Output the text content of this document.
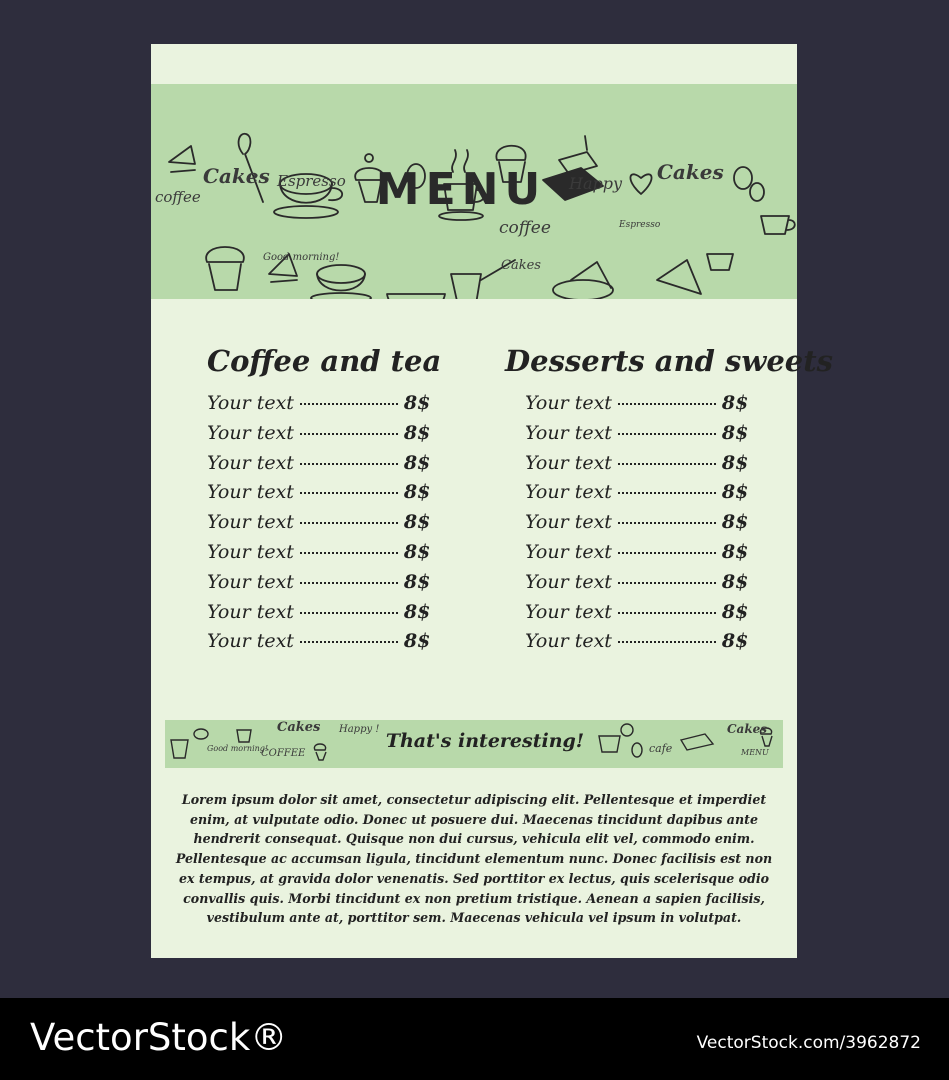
Cakes Espresso
coffee
Good morning!
Happy
coffee
Cakes
Cakes
Espresso
MENU
Coffee and tea
Your text	8$
Your text	8$
Your text	8$
Your text	8$
Your text	8$
Your text	8$
Your text	8$
Your text	8$
Your text	8$
Desserts and sweets
Your text	8$
Your text	8$
Your text	8$
Your text	8$
Your text	8$
Your text	8$
Your text	8$
Your text	8$
Your text	8$
Cakes Happy !
Good morning!
COFFEE	cafe
Cakes
MENU
That's interesting!
Lorem ipsum dolor sit amet, consectetur adipiscing elit. Pellentesque et imperdiet enim, at vulputate odio. Donec ut posuere dui. Maecenas tincidunt dapibus ante hendrerit consequat. Quisque non dui cursus, vehicula elit vel, commodo enim. Pellentesque ac accumsan ligula, tincidunt elementum nunc. Donec facilisis est non ex tempus, at gravida dolor venenatis. Sed porttitor ex lectus, quis scelerisque odio convallis quis. Morbi tincidunt ex non pretium tristique. Aenean a sapien facilisis, vestibulum ante at, porttitor sem. Maecenas vehicula vel ipsum in volutpat.
VectorStock®	VectorStock.com/3962872
